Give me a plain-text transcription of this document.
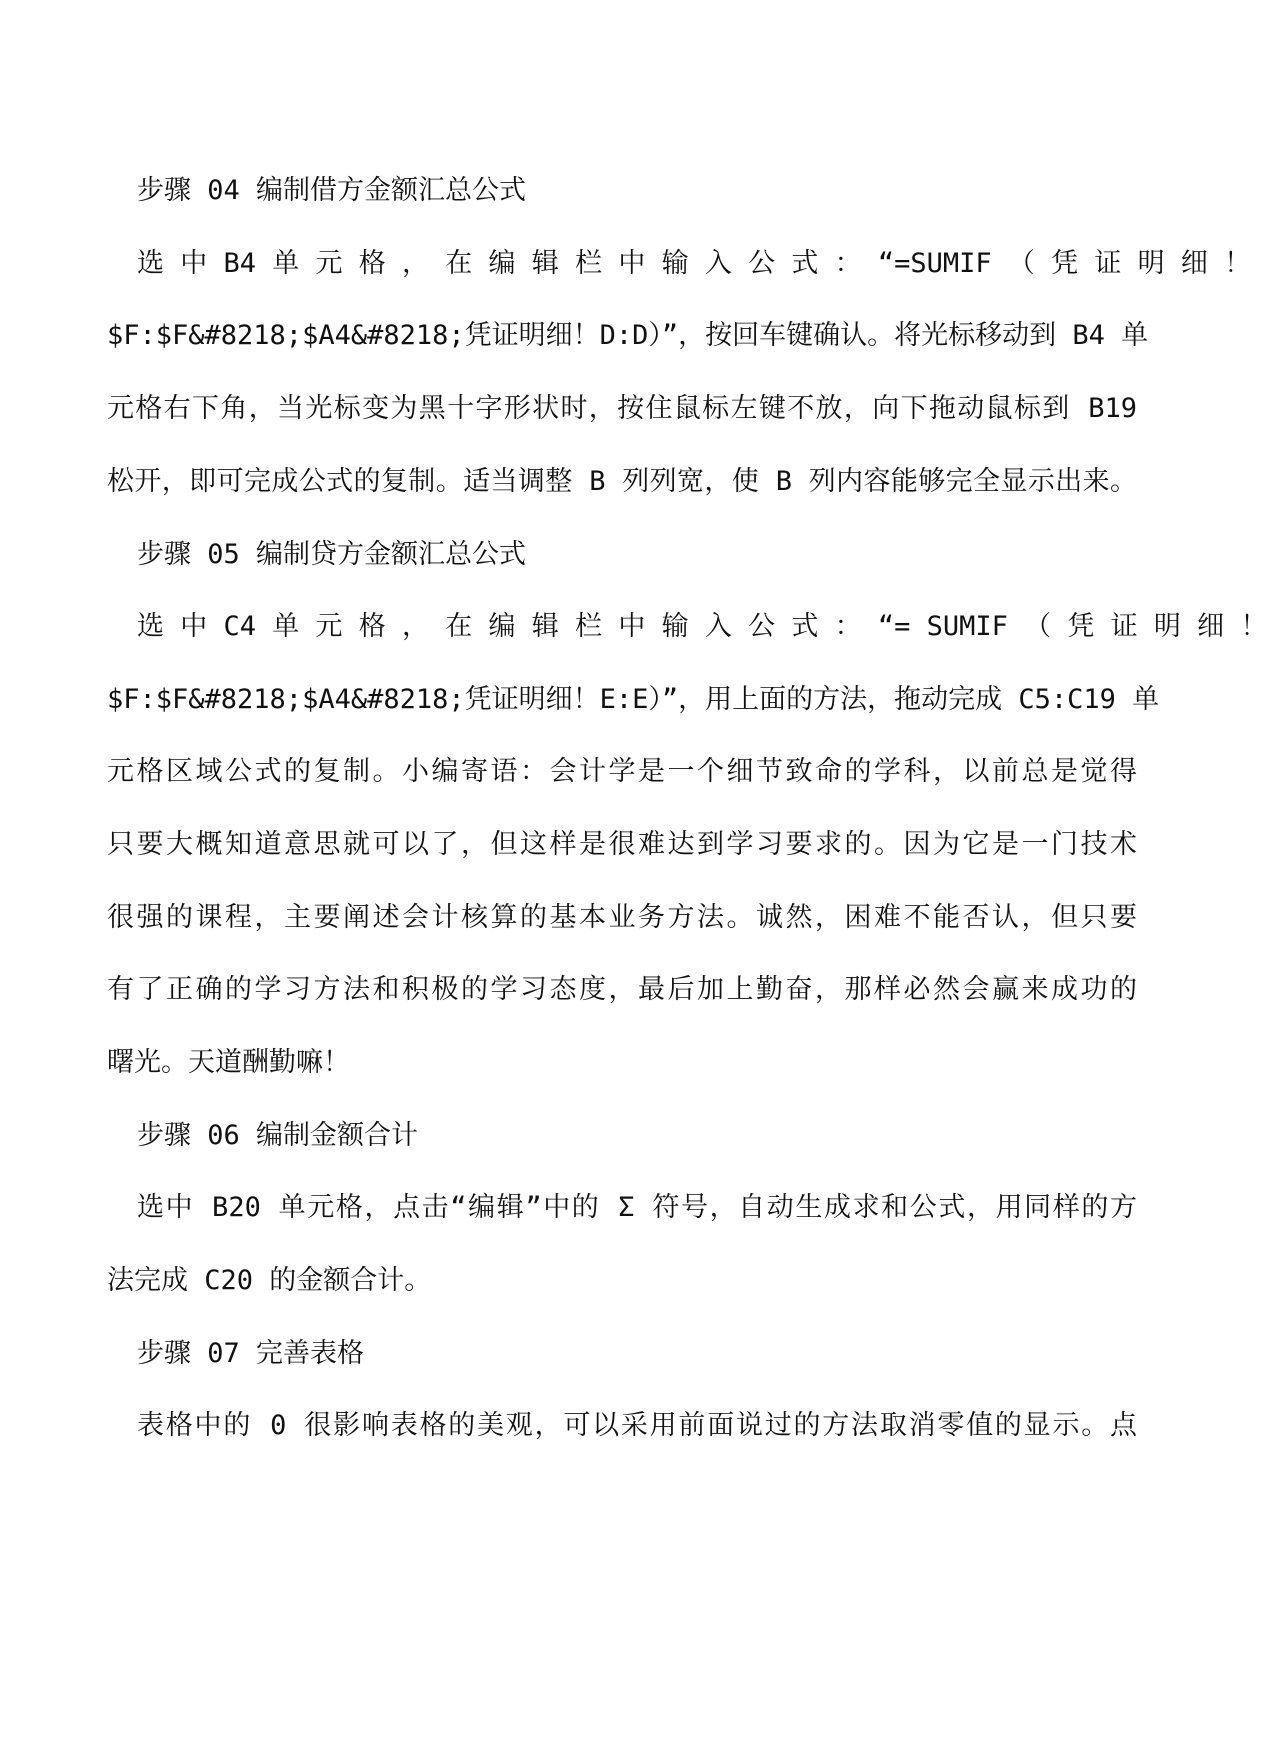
步骤 04 编制借方金额汇总公式
选 中 B4 单 元 格 ， 在 编 辑 栏 中 输 入 公 式 ： “=SUMIF （ 凭 证 明 细 ！
$F:$F&#8218;$A4&#8218;凭证明细！D:D）”，按回车键确认。将光标移动到 B4 单
元格右下角，当光标变为黑十字形状时，按住鼠标左键不放，向下拖动鼠标到 B19
松开，即可完成公式的复制。适当调整 B 列列宽，使 B 列内容能够完全显示出来。
步骤 05 编制贷方金额汇总公式
选 中 C4 单 元 格 ， 在 编 辑 栏 中 输 入 公 式 ： “= SUMIF （ 凭 证 明 细 ！
$F:$F&#8218;$A4&#8218;凭证明细！E:E）”，用上面的方法，拖动完成 C5:C19 单
元格区域公式的复制。小编寄语：会计学是一个细节致命的学科，以前总是觉得
只要大概知道意思就可以了，但这样是很难达到学习要求的。因为它是一门技术
很强的课程，主要阐述会计核算的基本业务方法。诚然，困难不能否认，但只要
有了正确的学习方法和积极的学习态度，最后加上勤奋，那样必然会赢来成功的
曙光。天道酬勤嘛！
步骤 06 编制金额合计
选中 B20 单元格，点击“编辑”中的 Σ 符号，自动生成求和公式，用同样的方
法完成 C20 的金额合计。
步骤 07 完善表格
表格中的 0 很影响表格的美观，可以采用前面说过的方法取消零值的显示。点
